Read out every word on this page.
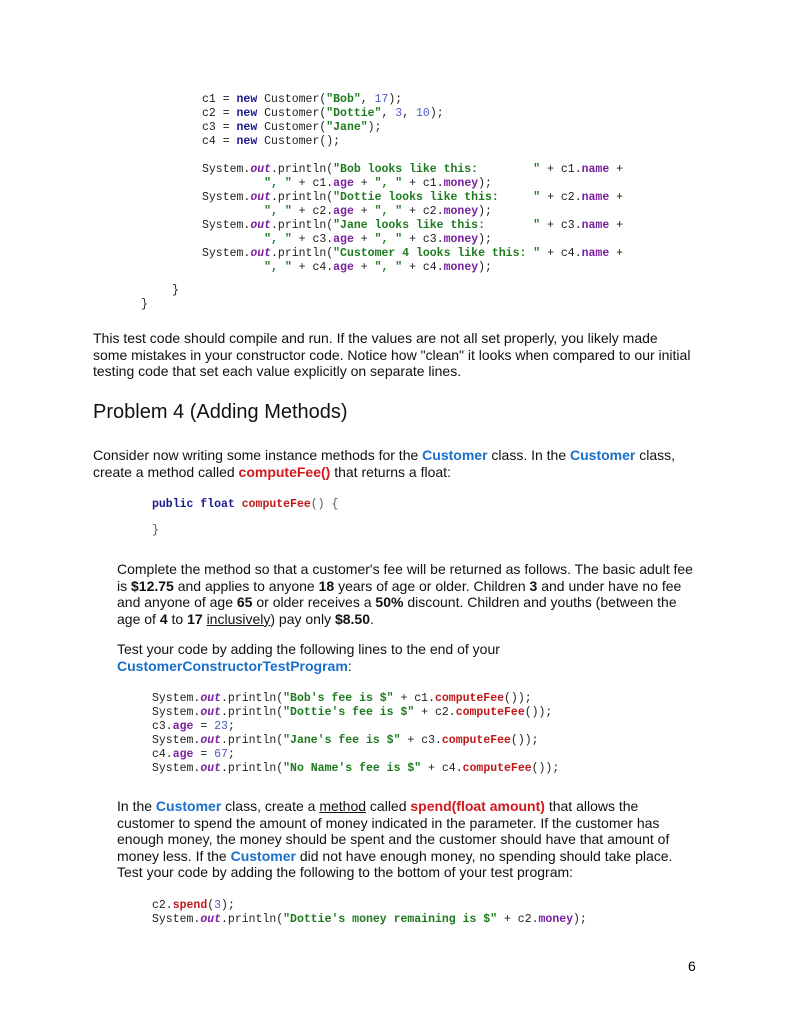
c1 = new Customer("Bob", 17);
c2 = new Customer("Dottie", 3, 10);
c3 = new Customer("Jane");
c4 = new Customer();

System.out.println("Bob looks like this:        " + c1.name +
", " + c1.age + ", " + c1.money);
System.out.println("Dottie looks like this:     " + c2.name +
", " + c2.age + ", " + c2.money);
System.out.println("Jane looks like this:       " + c3.name +
", " + c3.age + ", " + c3.money);
System.out.println("Customer 4 looks like this: " + c4.name +
", " + c4.age + ", " + c4.money);
}
}
This test code should compile and run. If the values are not all set properly, you likely made some mistakes in your constructor code. Notice how "clean" it looks when compared to our initial testing code that set each value explicitly on separate lines.
Problem 4 (Adding Methods)
Consider now writing some instance methods for the Customer class. In the Customer class, create a method called computeFee() that returns a float:
public float computeFee() {

}
Complete the method so that a customer's fee will be returned as follows. The basic adult fee is $12.75 and applies to anyone 18 years of age or older. Children 3 and under have no fee and anyone of age 65 or older receives a 50% discount. Children and youths (between the age of 4 to 17 inclusively) pay only $8.50.
Test your code by adding the following lines to the end of your
CustomerConstructorTestProgram:
System.out.println("Bob's fee is $" + c1.computeFee());
System.out.println("Dottie's fee is $" + c2.computeFee());
c3.age = 23;
System.out.println("Jane's fee is $" + c3.computeFee());
c4.age = 67;
System.out.println("No Name's fee is $" + c4.computeFee());
In the Customer class, create a method called spend(float amount) that allows the customer to spend the amount of money indicated in the parameter. If the customer has enough money, the money should be spent and the customer should have that amount of money less. If the Customer did not have enough money, no spending should take place. Test your code by adding the following to the bottom of your test program:
c2.spend(3);
System.out.println("Dottie's money remaining is $" + c2.money);
6
